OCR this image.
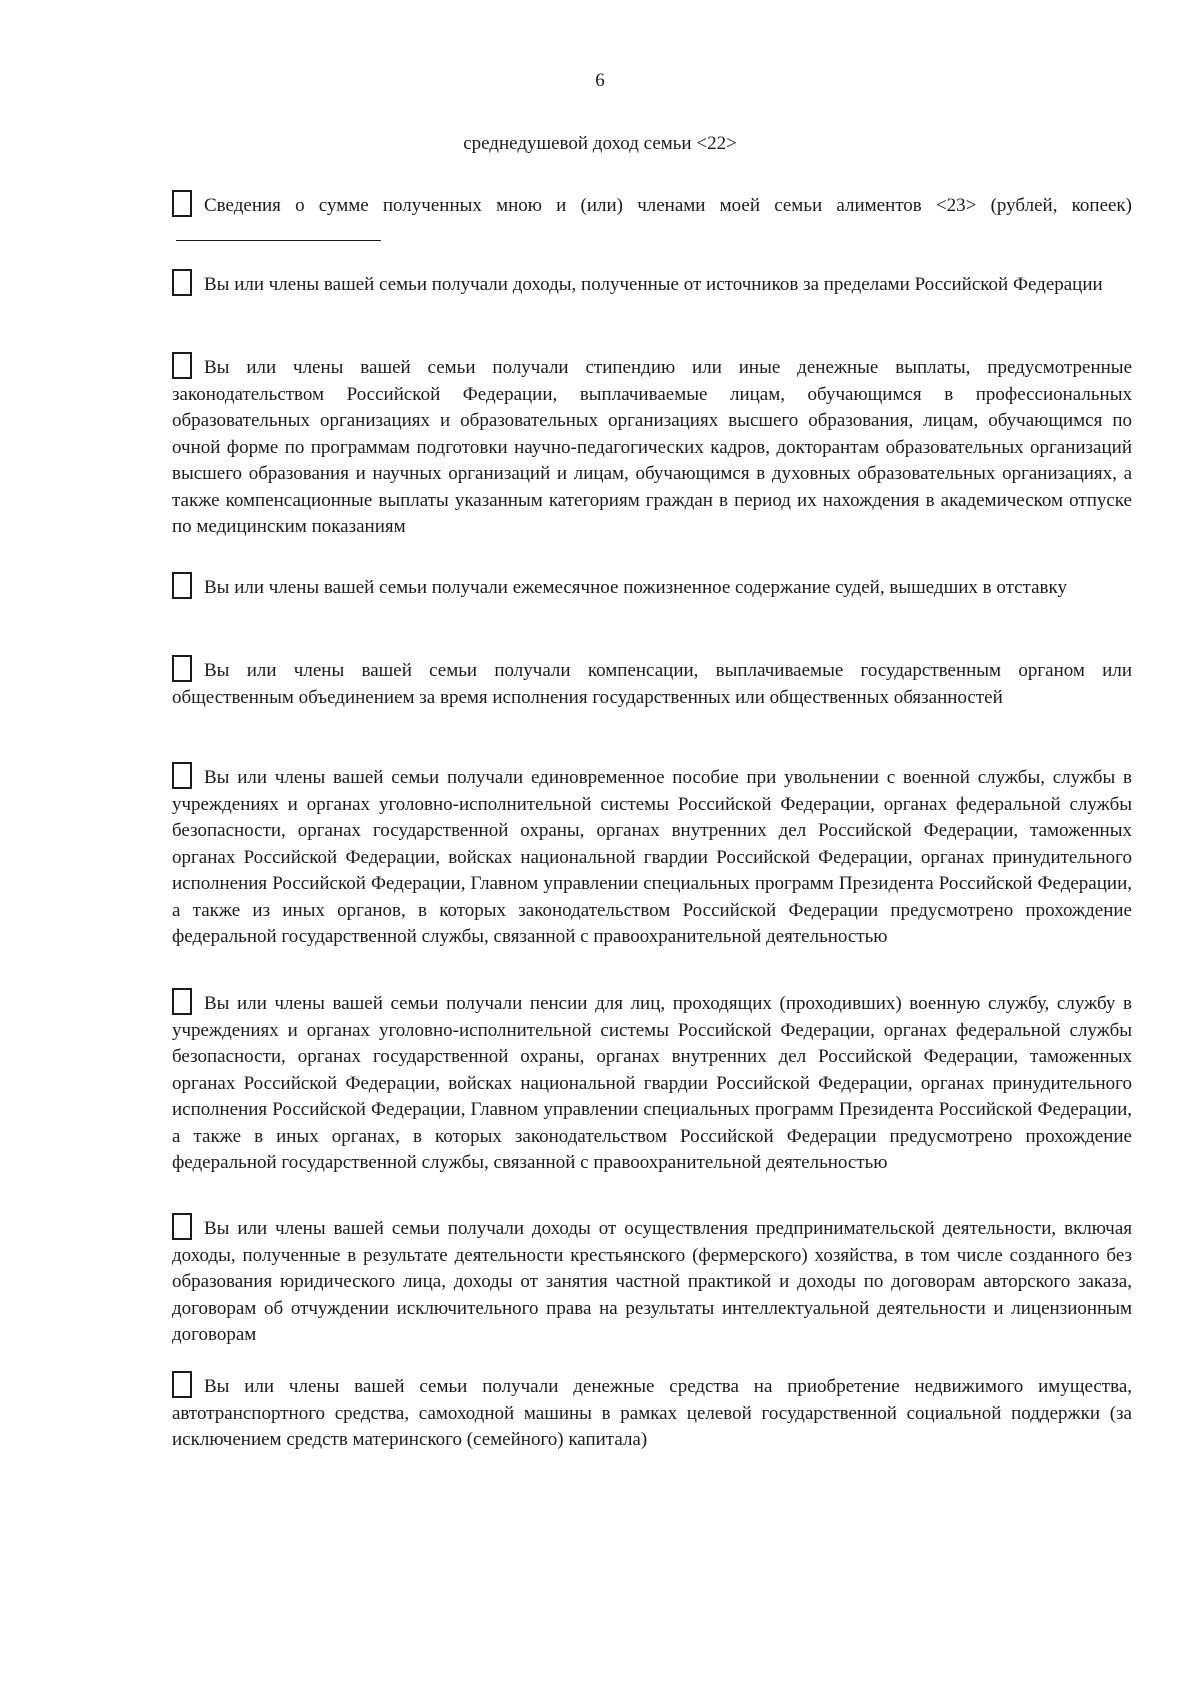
6
среднедушевой доход семьи <22>
Сведения о сумме полученных мною и (или) членами моей семьи алиментов <23> (рублей, копеек)
Вы или члены вашей семьи получали доходы, полученные от источников за пределами Российской Федерации
Вы или члены вашей семьи получали стипендию или иные денежные выплаты, предусмотренные законодательством Российской Федерации, выплачиваемые лицам, обучающимся в профессиональных образовательных организациях и образовательных организациях высшего образования, лицам, обучающимся по очной форме по программам подготовки научно-педагогических кадров, докторантам образовательных организаций высшего образования и научных организаций и лицам, обучающимся в духовных образовательных организациях, а также компенсационные выплаты указанным категориям граждан в период их нахождения в академическом отпуске по медицинским показаниям
Вы или члены вашей семьи получали ежемесячное пожизненное содержание судей, вышедших в отставку
Вы или члены вашей семьи получали компенсации, выплачиваемые государственным органом или общественным объединением за время исполнения государственных или общественных обязанностей
Вы или члены вашей семьи получали единовременное пособие при увольнении с военной службы, службы в учреждениях и органах уголовно-исполнительной системы Российской Федерации, органах федеральной службы безопасности, органах государственной охраны, органах внутренних дел Российской Федерации, таможенных органах Российской Федерации, войсках национальной гвардии Российской Федерации, органах принудительного исполнения Российской Федерации, Главном управлении специальных программ Президента Российской Федерации, а также из иных органов, в которых законодательством Российской Федерации предусмотрено прохождение федеральной государственной службы, связанной с правоохранительной деятельностью
Вы или члены вашей семьи получали пенсии для лиц, проходящих (проходивших) военную службу, службу в учреждениях и органах уголовно-исполнительной системы Российской Федерации, органах федеральной службы безопасности, органах государственной охраны, органах внутренних дел Российской Федерации, таможенных органах Российской Федерации, войсках национальной гвардии Российской Федерации, органах принудительного исполнения Российской Федерации, Главном управлении специальных программ Президента Российской Федерации, а также в иных органах, в которых законодательством Российской Федерации предусмотрено прохождение федеральной государственной службы, связанной с правоохранительной деятельностью
Вы или члены вашей семьи получали доходы от осуществления предпринимательской деятельности, включая доходы, полученные в результате деятельности крестьянского (фермерского) хозяйства, в том числе созданного без образования юридического лица, доходы от занятия частной практикой и доходы по договорам авторского заказа, договорам об отчуждении исключительного права на результаты интеллектуальной деятельности и лицензионным договорам
Вы или члены вашей семьи получали денежные средства на приобретение недвижимого имущества, автотранспортного средства, самоходной машины в рамках целевой государственной социальной поддержки (за исключением средств материнского (семейного) капитала)
